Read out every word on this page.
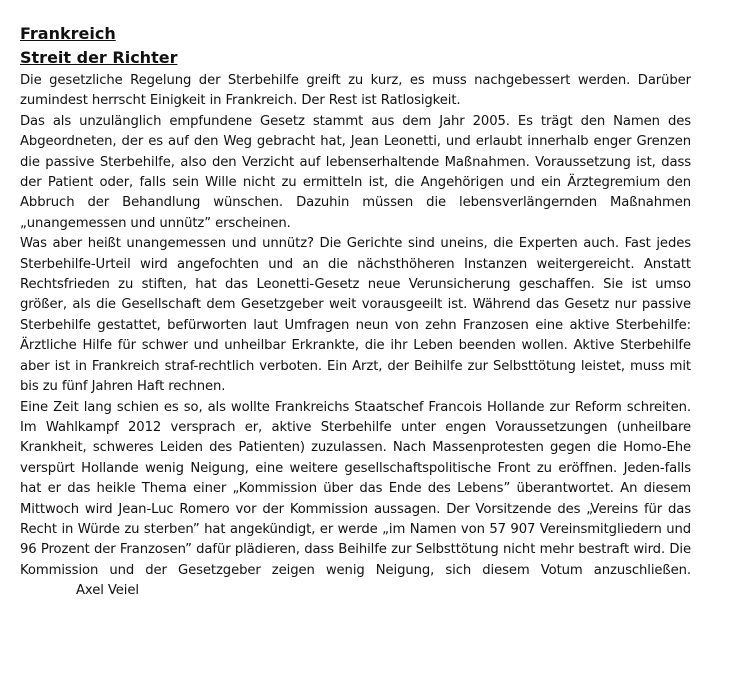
Frankreich
Streit der Richter

Die gesetzliche Regelung der Sterbehilfe greift zu kurz, es muss nachgebessert werden. Darüber zumindest herrscht Einigkeit in Frankreich. Der Rest ist Ratlosigkeit.

Das als unzulänglich empfundene Gesetz stammt aus dem Jahr 2005. Es trägt den Namen des Abgeordneten, der es auf den Weg gebracht hat, Jean Leonetti, und erlaubt innerhalb enger Grenzen die passive Sterbehilfe, also den Verzicht auf lebenserhaltende Maßnahmen. Voraussetzung ist, dass der Patient oder, falls sein Wille nicht zu ermitteln ist, die Angehörigen und ein Ärztegremium den Abbruch der Behandlung wünschen. Dazuhin müssen die lebensverlängernden Maßnahmen „unangemessen und unnütz” erscheinen.

Was aber heißt unangemessen und unnütz? Die Gerichte sind uneins, die Experten auch. Fast jedes Sterbehilfe-Urteil wird angefochten und an die nächsthöheren Instanzen weitergereicht. Anstatt Rechtsfrieden zu stiften, hat das Leonetti-Gesetz neue Verunsicherung geschaffen. Sie ist umso größer, als die Gesellschaft dem Gesetzgeber weit vorausgeeilt ist. Während das Gesetz nur passive Sterbehilfe gestattet, befürworten laut Umfragen neun von zehn Franzosen eine aktive Sterbehilfe: Ärztliche Hilfe für schwer und unheilbar Erkrankte, die ihr Leben beenden wollen. Aktive Sterbehilfe aber ist in Frankreich straf-rechtlich verboten. Ein Arzt, der Beihilfe zur Selbsttötung leistet, muss mit bis zu fünf Jahren Haft rechnen.

Eine Zeit lang schien es so, als wollte Frankreichs Staatschef Francois Hollande zur Reform schreiten. Im Wahlkampf 2012 versprach er, aktive Sterbehilfe unter engen Voraussetzungen (unheilbare Krankheit, schweres Leiden des Patienten) zuzulassen. Nach Massenprotesten gegen die Homo-Ehe verspürt Hollande wenig Neigung, eine weitere gesellschaftspolitische Front zu eröffnen. Jeden-falls hat er das heikle Thema einer „Kommission über das Ende des Lebens” überantwortet. An diesem Mittwoch wird Jean-Luc Romero vor der Kommission aussagen. Der Vorsitzende des „Vereins für das Recht in Würde zu sterben” hat angekündigt, er werde „im Namen von 57 907 Vereinsmitgliedern und 96 Prozent der Franzosen” dafür plädieren, dass Beihilfe zur Selbsttötung nicht mehr bestraft wird. Die Kommission und der Gesetzgeber zeigen wenig Neigung, sich diesem Votum anzuschließen.Axel Veiel
